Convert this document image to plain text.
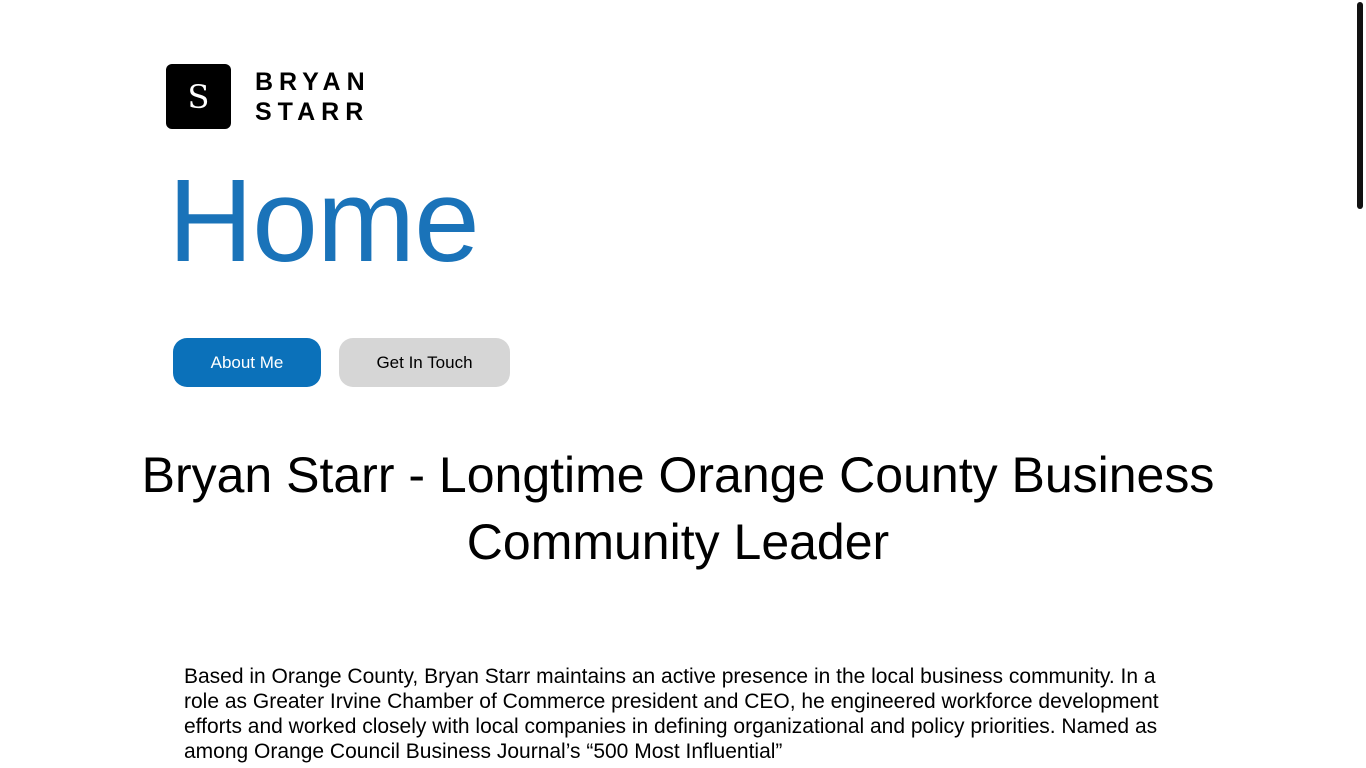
S	BRYAN
STARR
Home
About Me	Get In Touch
Bryan Starr - Longtime Orange County Business Community Leader

Based in Orange County, Bryan Starr maintains an active presence in the local business community. In a role as Greater Irvine Chamber of Commerce president and CEO, he engineered workforce development efforts and worked closely with local companies in defining organizational and policy priorities. Named as among Orange Council Business Journal’s “500 Most Influential”
